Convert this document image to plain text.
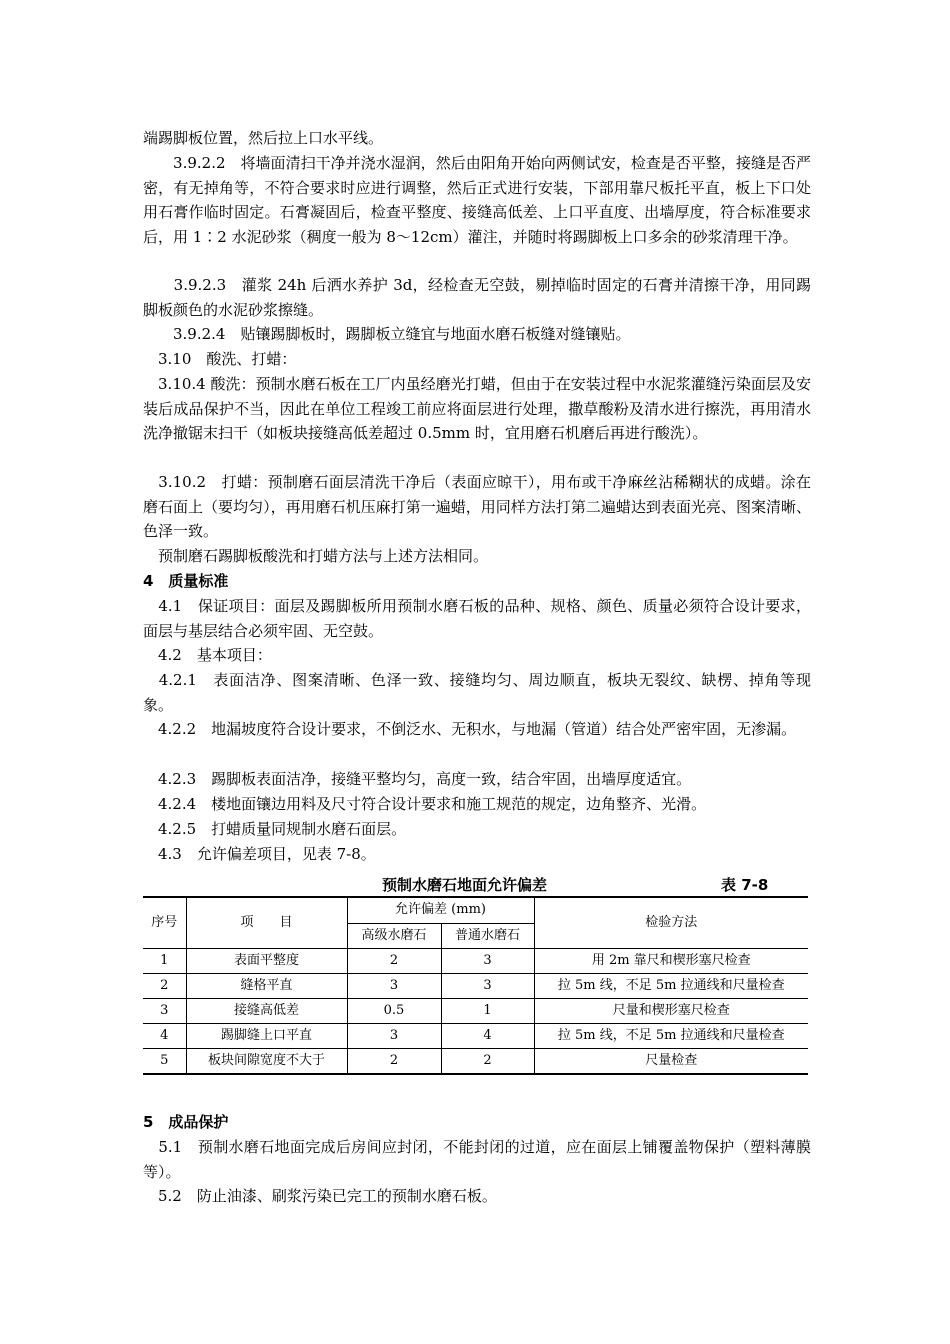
端踢脚板位置，然后拉上口水平线。

　　3.9.2.2　将墙面清扫干净并浇水湿润，然后由阳角开始向两侧试安，检查是否平整，接缝是否严密，有无掉角等，不符合要求时应进行调整，然后正式进行安装，下部用靠尺板托平直，板上下口处用石膏作临时固定。石膏凝固后，检查平整度、接缝高低差、上口平直度、出墙厚度，符合标准要求后，用 1∶2 水泥砂浆（稠度一般为 8～12cm）灌注，并随时将踢脚板上口多余的砂浆清理干净。

　　3.9.2.3　灌浆 24h 后洒水养护 3d，经检查无空鼓，剔掉临时固定的石膏并清擦干净，用同踢脚板颜色的水泥砂浆擦缝。

　　3.9.2.4　贴镶踢脚板时，踢脚板立缝宜与地面水磨石板缝对缝镶贴。

　3.10　酸洗、打蜡：

　3.10.4 酸洗：预制水磨石板在工厂内虽经磨光打蜡，但由于在安装过程中水泥浆灌缝污染面层及安装后成品保护不当，因此在单位工程竣工前应将面层进行处理，撒草酸粉及清水进行擦洗，再用清水洗净撤锯末扫干（如板块接缝高低差超过 0.5mm 时，宜用磨石机磨后再进行酸洗）。

　3.10.2　打蜡：预制磨石面层清洗干净后（表面应晾干），用布或干净麻丝沾稀糊状的成蜡。涂在磨石面上（要均匀），再用磨石机压麻打第一遍蜡，用同样方法打第二遍蜡达到表面光亮、图案清晰、色泽一致。

　预制磨石踢脚板酸洗和打蜡方法与上述方法相同。

4　质量标准

　4.1　保证项目：面层及踢脚板所用预制水磨石板的品种、规格、颜色、质量必须符合设计要求，面层与基层结合必须牢固、无空鼓。

　4.2　基本项目：

　4.2.1　表面洁净、图案清晰、色泽一致、接缝均匀、周边顺直，板块无裂纹、缺楞、掉角等现象。

　4.2.2　地漏坡度符合设计要求，不倒泛水、无积水，与地漏（管道）结合处严密牢固，无渗漏。

　4.2.3　踢脚板表面洁净，接缝平整均匀，高度一致，结合牢固，出墙厚度适宜。

　4.2.4　楼地面镶边用料及尺寸符合设计要求和施工规范的规定，边角整齐、光滑。

　4.2.5　打蜡质量同规制水磨石面层。

　4.3　允许偏差项目，见表 7-8。

预制水磨石地面允许偏差	表 7-8
序号	项　　目	允许偏差 (mm)		检验方法
		高级水磨石	普通水磨石	
1	表面平整度	2	3	用 2m 靠尺和楔形塞尺检查
2	缝格平直	3	3	拉 5m 线，不足 5m 拉通线和尺量检查
3	接缝高低差	0.5	1	尺量和楔形塞尺检查
4	踢脚缝上口平直	3	4	拉 5m 线，不足 5m 拉通线和尺量检查
5	板块间隙宽度不大于	2	2	尺量检查

5　成品保护

　5.1　预制水磨石地面完成后房间应封闭，不能封闭的过道，应在面层上铺覆盖物保护（塑料薄膜等）。

　5.2　防止油漆、刷浆污染已完工的预制水磨石板。
